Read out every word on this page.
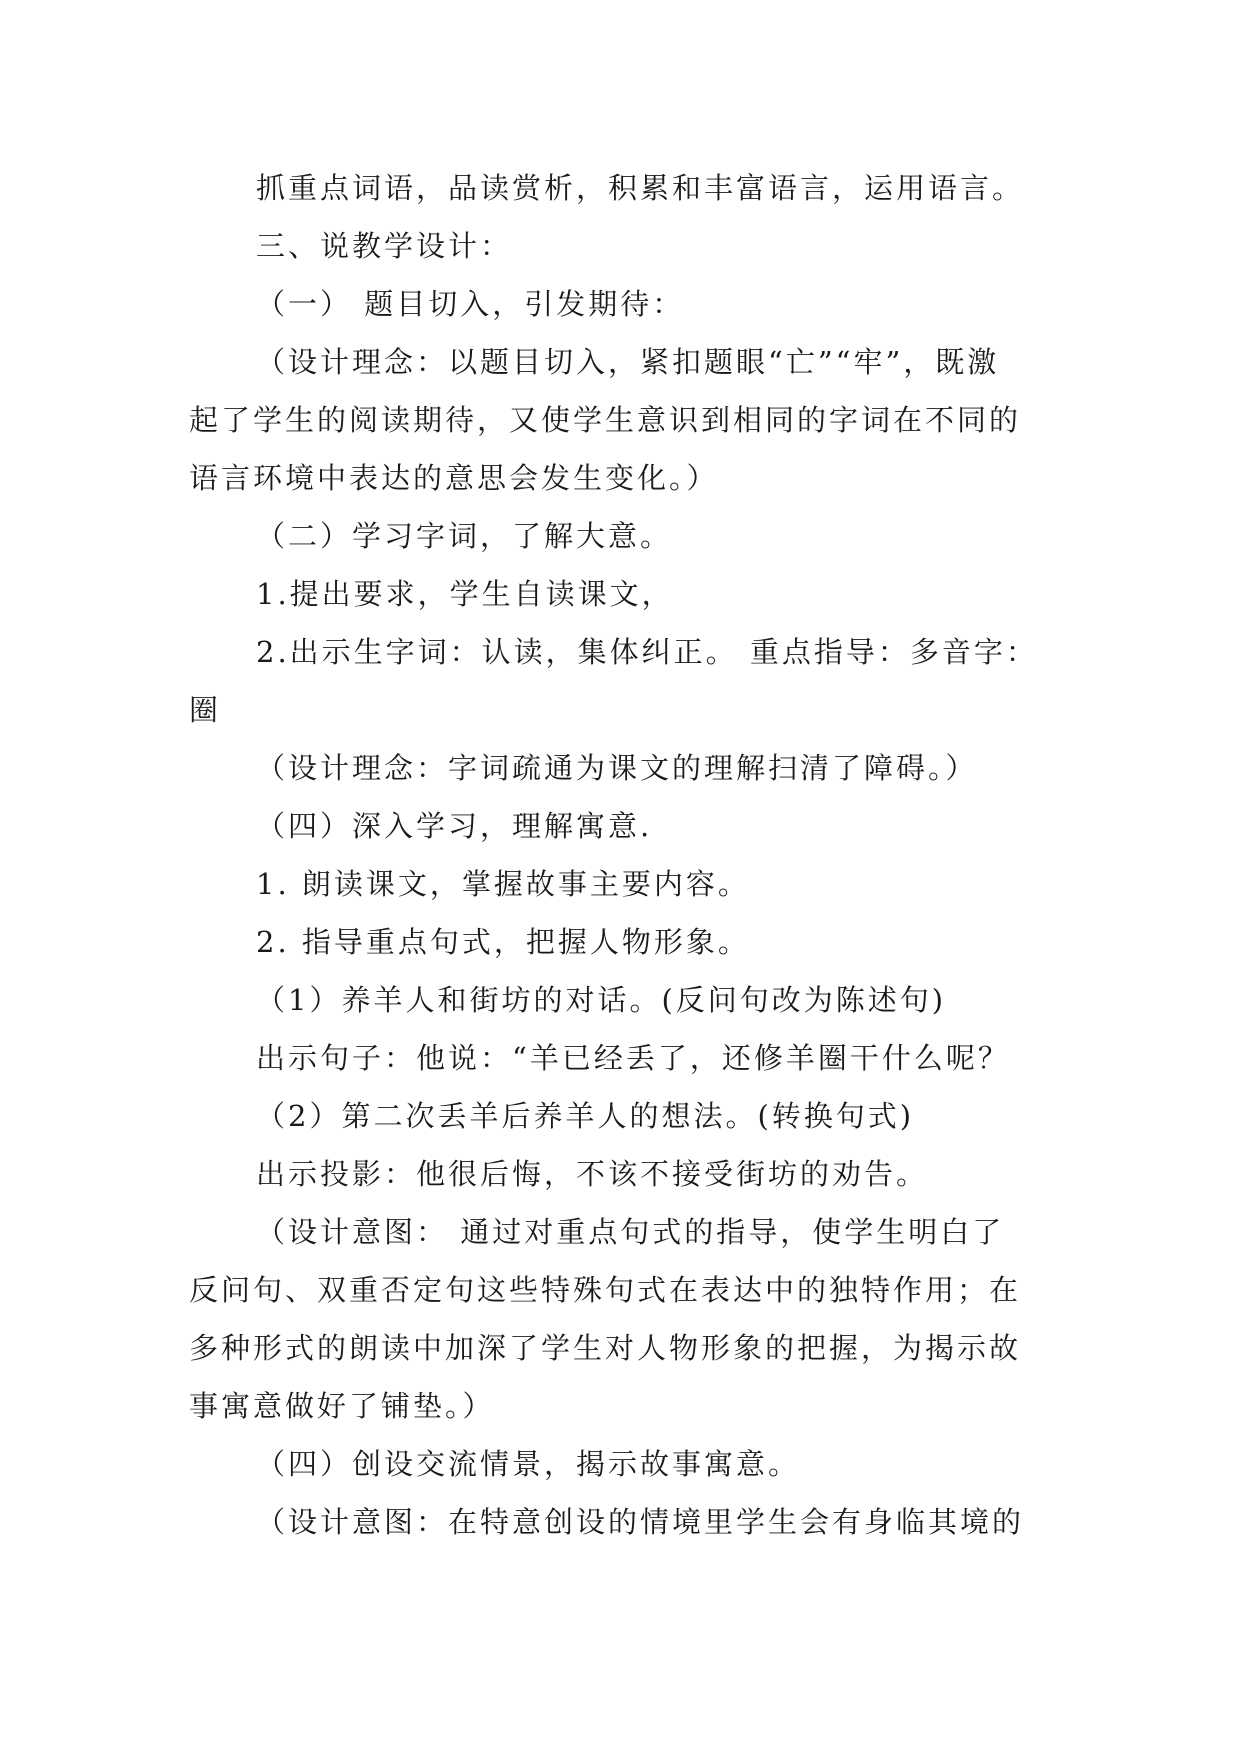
抓重点词语，品读赏析，积累和丰富语言，运用语言。
三、说教学设计：
（一） 题目切入，引发期待：
（设计理念：以题目切入，紧扣题眼“亡”“牢”，既激
起了学生的阅读期待，又使学生意识到相同的字词在不同的
语言环境中表达的意思会发生变化。）
（二）学习字词，了解大意。
1.提出要求，学生自读课文，
2.出示生字词：认读，集体纠正。 重点指导：多音字：
圈
（设计理念：字词疏通为课文的理解扫清了障碍。）
（四）深入学习，理解寓意.
1. 朗读课文，掌握故事主要内容。
2. 指导重点句式，把握人物形象。
（1）养羊人和街坊的对话。(反问句改为陈述句)
出示句子：他说：“羊已经丢了，还修羊圈干什么呢？
（2）第二次丢羊后养羊人的想法。(转换句式)
出示投影：他很后悔，不该不接受街坊的劝告。
（设计意图： 通过对重点句式的指导，使学生明白了
反问句、双重否定句这些特殊句式在表达中的独特作用；在
多种形式的朗读中加深了学生对人物形象的把握，为揭示故
事寓意做好了铺垫。）
（四）创设交流情景，揭示故事寓意。
（设计意图：在特意创设的情境里学生会有身临其境的
